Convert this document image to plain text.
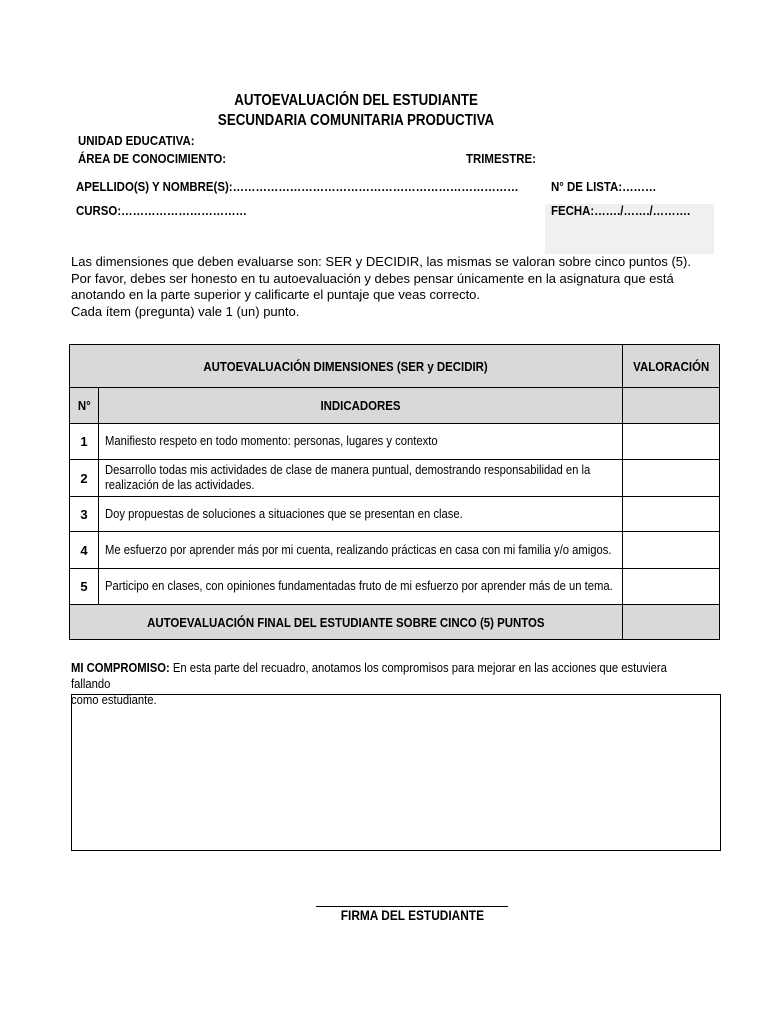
AUTOEVALUACIÓN DEL ESTUDIANTE
SECUNDARIA COMUNITARIA PRODUCTIVA
UNIDAD EDUCATIVA:
ÁREA DE CONOCIMIENTO:	TRIMESTRE:
APELLIDO(S) Y NOMBRE(S):………………………………………………………………… N° DE LISTA:………
CURSO:……………………………	FECHA:……./……./……….
Las dimensiones que deben evaluarse son: SER y DECIDIR, las mismas se valoran sobre cinco puntos (5).
Por favor, debes ser honesto en tu autoevaluación y debes pensar únicamente en la asignatura que está
anotando en la parte superior y calificarte el puntaje que veas correcto.
Cada ítem (pregunta) vale 1 (un) punto.
AUTOEVALUACIÓN DIMENSIONES (SER y DECIDIR)		VALORACIÓN
N°	INDICADORES	
1	Manifiesto respeto en todo momento: personas, lugares y contexto	

2	Desarrollo todas mis actividades de clase de manera puntual, demostrando responsabilidad en la realización de las actividades.	

3	Doy propuestas de soluciones a situaciones que se presentan en clase.	

4	Me esfuerzo por aprender más por mi cuenta, realizando prácticas en casa con mi familia y/o amigos.	

5	Participo en clases, con opiniones fundamentadas fruto de mi esfuerzo por aprender más de un tema.	

AUTOEVALUACIÓN FINAL DEL ESTUDIANTE SOBRE CINCO (5) PUNTOS		
MI COMPROMISO: En esta parte del recuadro, anotamos los compromisos para mejorar en las acciones que estuviera fallando
como estudiante.
FIRMA DEL ESTUDIANTE
